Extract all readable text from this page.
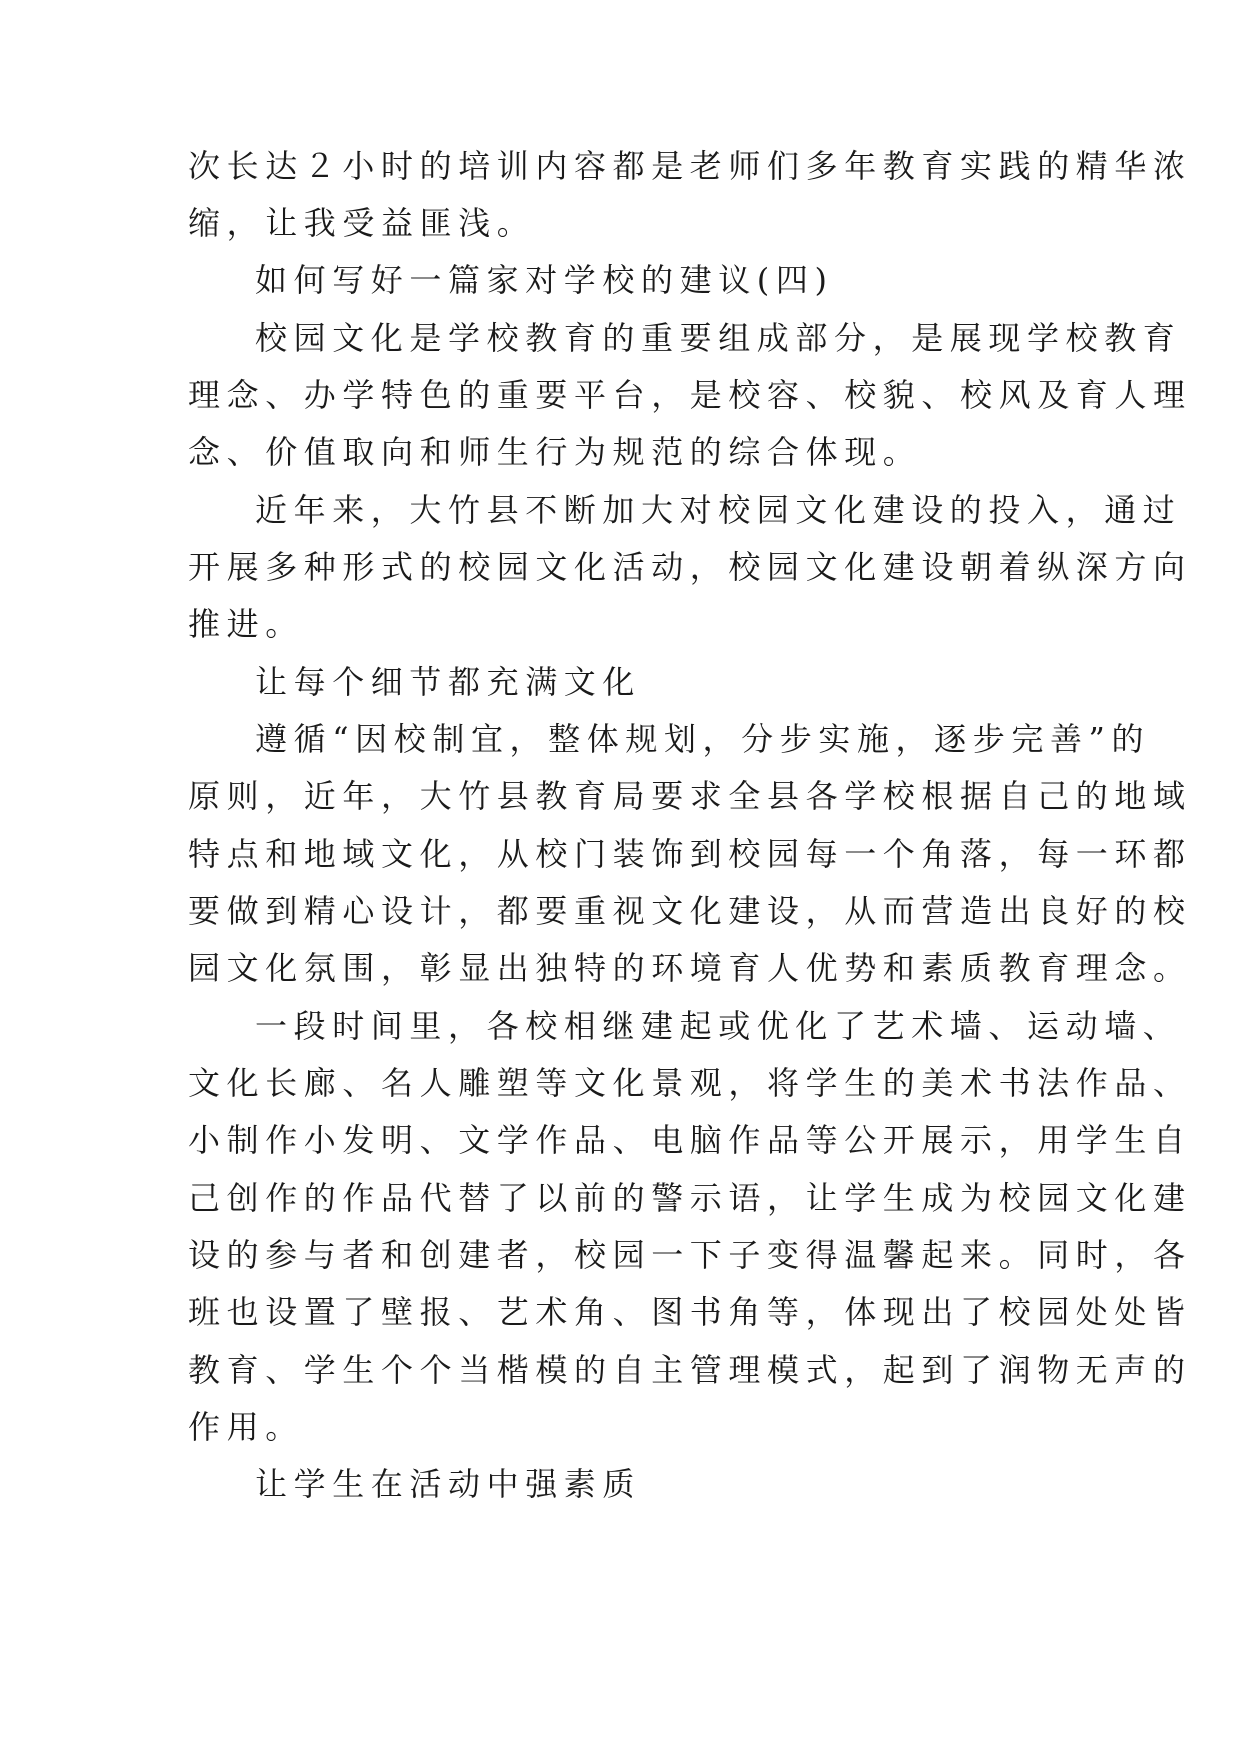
次长达２小时的培训内容都是老师们多年教育实践的精华浓
缩，让我受益匪浅。
如何写好一篇家对学校的建议(四)
校园文化是学校教育的重要组成部分，是展现学校教育
理念、办学特色的重要平台，是校容、校貌、校风及育人理
念、价值取向和师生行为规范的综合体现。
近年来，大竹县不断加大对校园文化建设的投入，通过
开展多种形式的校园文化活动，校园文化建设朝着纵深方向
推进。
让每个细节都充满文化
遵循“因校制宜，整体规划，分步实施，逐步完善”的
原则，近年，大竹县教育局要求全县各学校根据自己的地域
特点和地域文化，从校门装饰到校园每一个角落，每一环都
要做到精心设计，都要重视文化建设，从而营造出良好的校
园文化氛围，彰显出独特的环境育人优势和素质教育理念。
一段时间里，各校相继建起或优化了艺术墙、运动墙、
文化长廊、名人雕塑等文化景观，将学生的美术书法作品、
小制作小发明、文学作品、电脑作品等公开展示，用学生自
己创作的作品代替了以前的警示语，让学生成为校园文化建
设的参与者和创建者，校园一下子变得温馨起来。同时，各
班也设置了壁报、艺术角、图书角等，体现出了校园处处皆
教育、学生个个当楷模的自主管理模式，起到了润物无声的
作用。
让学生在活动中强素质
